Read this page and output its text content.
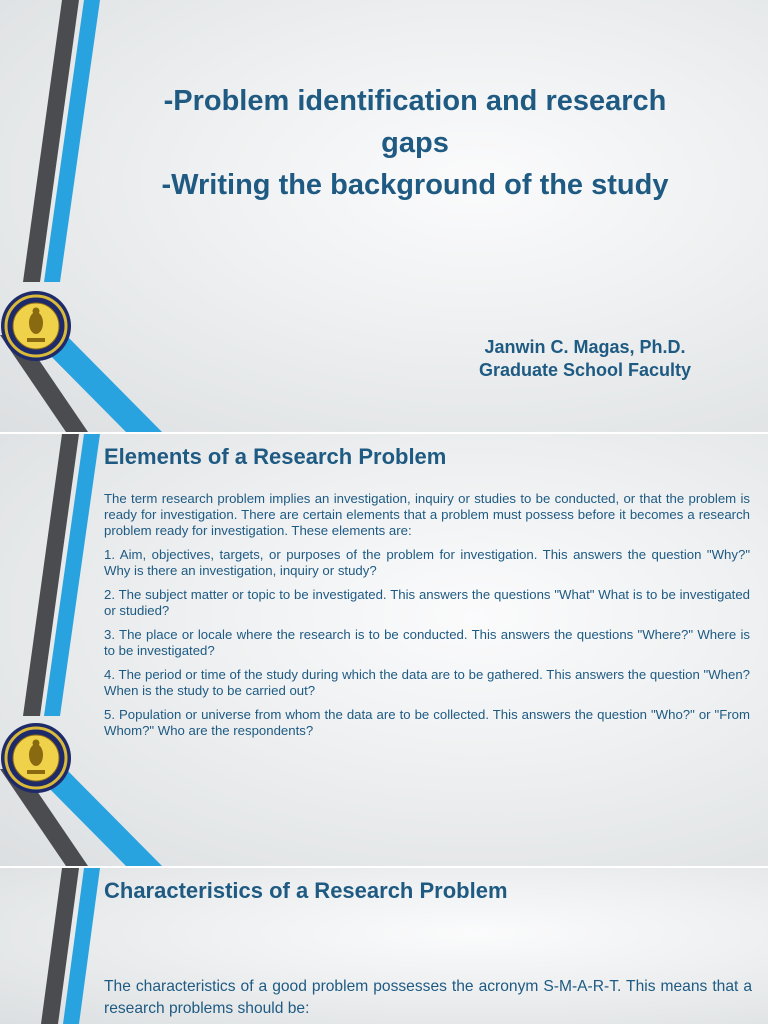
-Problem identification and research
gaps
-Writing the background of the study
Janwin C. Magas, Ph.D.
Graduate School Faculty
Elements of a Research Problem

The term research problem implies an investigation, inquiry or studies to be conducted, or that the problem is ready for investigation. There are certain elements that a problem must possess before it becomes a research problem ready for investigation. These elements are:

1. Aim, objectives, targets, or purposes of the problem for investigation. This answers the question "Why?" Why is there an investigation, inquiry or study?

2. The subject matter or topic to be investigated. This answers the questions "What" What is to be investigated or studied?

3. The place or locale where the research is to be conducted. This answers the questions "Where?" Where is to be investigated?

4. The period or time of the study during which the data are to be gathered. This answers the question "When? When is the study to be carried out?

5. Population or universe from whom the data are to be collected. This answers the question "Who?" or "From Whom?" Who are the respondents?

Characteristics of a Research Problem
The characteristics of a good problem possesses the acronym S-M-A-R-T. This means that a research problems should be:
